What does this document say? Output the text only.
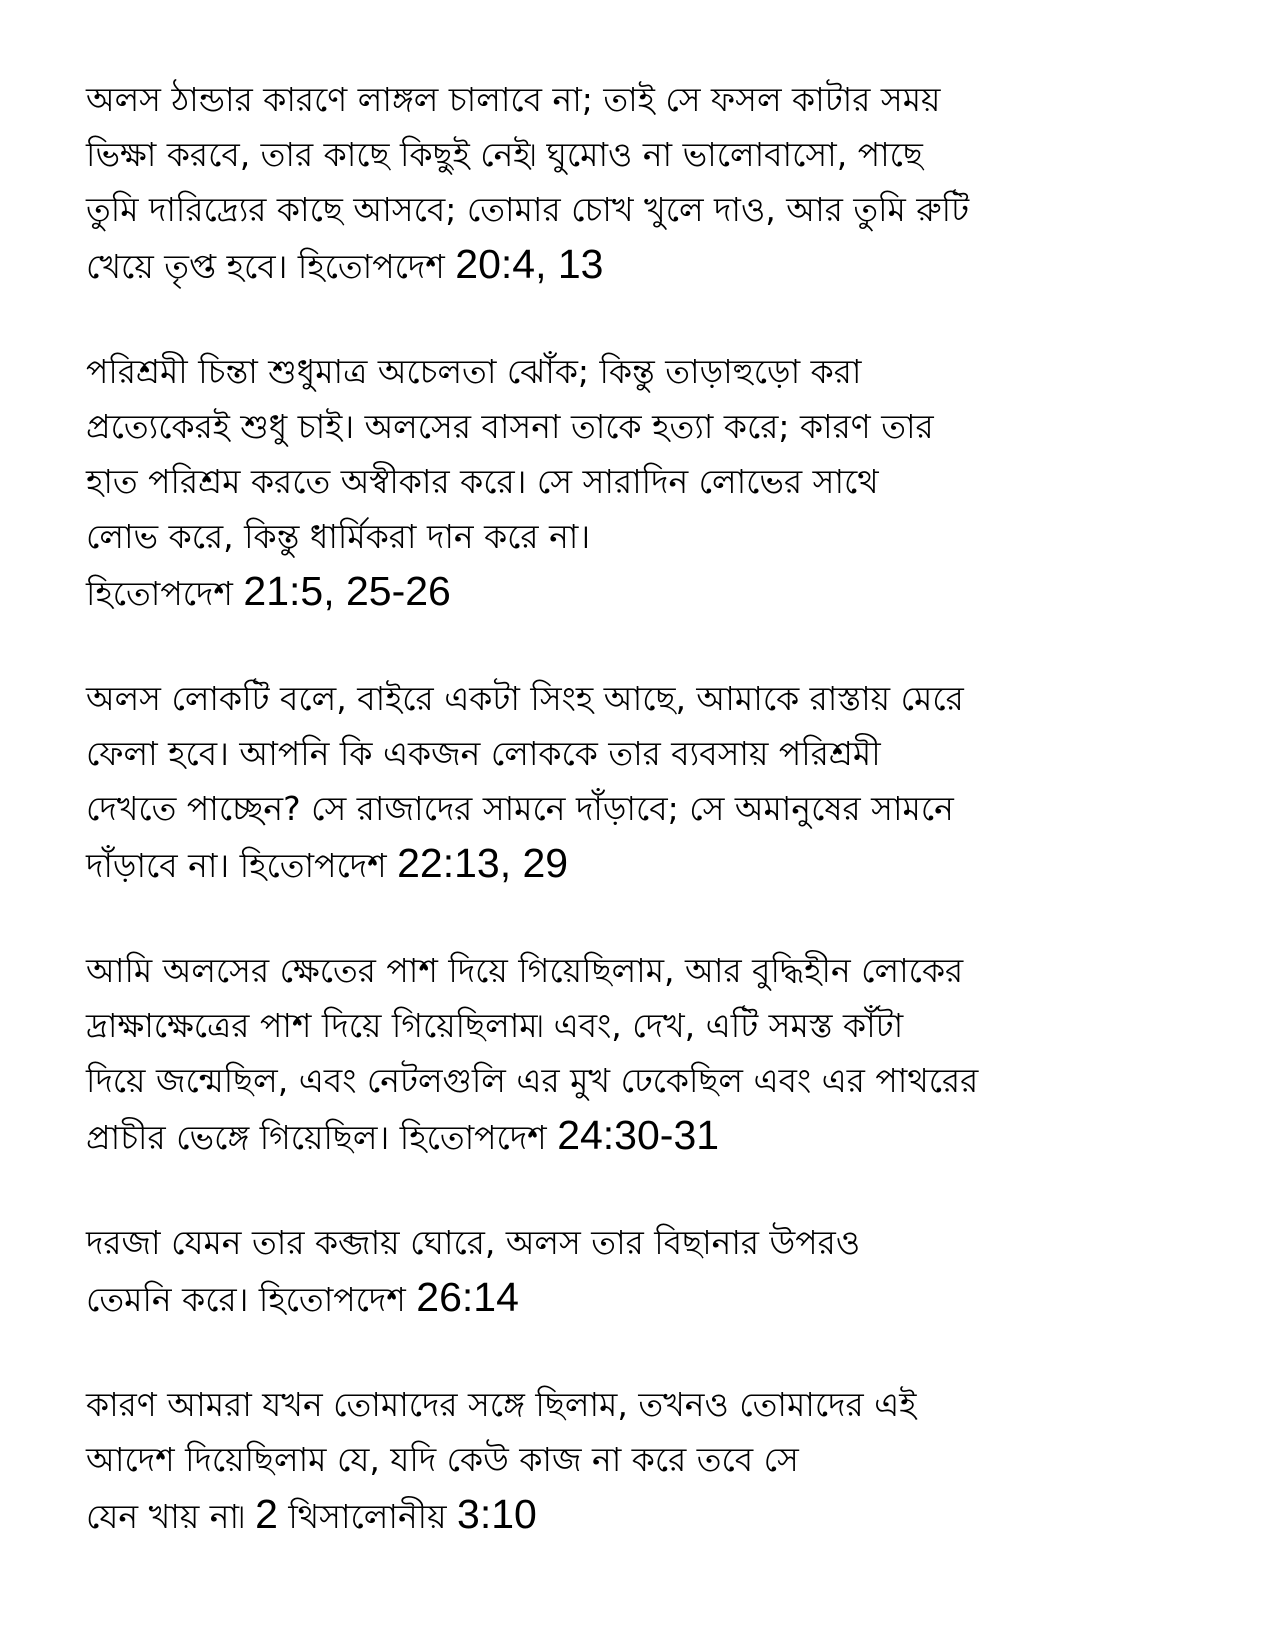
অলস ঠান্ডার কারণে লাঙ্গল চালাবে না; তাই সে ফসল কাটার সময়
ভিক্ষা করবে, তার কাছে কিছুই নেই৷ ঘুমোও না ভালোবাসো, পাছে
তুমি দারিদ্র্যের কাছে আসবে; তোমার চোখ খুলে দাও, আর তুমি রুটি
খেয়ে তৃপ্ত হবে। হিতোপদেশ 20:4, 13

পরিশ্রমী চিন্তা শুধুমাত্র অচেলতা ঝোঁক; কিন্তু তাড়াহুড়ো করা
প্রত্যেকেরই শুধু চাই। অলসের বাসনা তাকে হত্যা করে; কারণ তার
হাত পরিশ্রম করতে অস্বীকার করে। সে সারাদিন লোভের সাথে
লোভ করে, কিন্তু ধার্মিকরা দান করে না।
হিতোপদেশ 21:5, 25-26

অলস লোকটি বলে, বাইরে একটা সিংহ আছে, আমাকে রাস্তায় মেরে
ফেলা হবে। আপনি কি একজন লোককে তার ব্যবসায় পরিশ্রমী
দেখতে পাচ্ছেন? সে রাজাদের সামনে দাঁড়াবে; সে অমানুষের সামনে
দাঁড়াবে না। হিতোপদেশ 22:13, 29

আমি অলসের ক্ষেতের পাশ দিয়ে গিয়েছিলাম, আর বুদ্ধিহীন লোকের
দ্রাক্ষাক্ষেত্রের পাশ দিয়ে গিয়েছিলাম৷ এবং, দেখ, এটি সমস্ত কাঁটা
দিয়ে জন্মেছিল, এবং নেটলগুলি এর মুখ ঢেকেছিল এবং এর পাথরের
প্রাচীর ভেঙ্গে গিয়েছিল। হিতোপদেশ 24:30-31

দরজা যেমন তার কব্জায় ঘোরে, অলস তার বিছানার উপরও
তেমনি করে। হিতোপদেশ 26:14

কারণ আমরা যখন তোমাদের সঙ্গে ছিলাম, তখনও তোমাদের এই
আদেশ দিয়েছিলাম যে, যদি কেউ কাজ না করে তবে সে
যেন খায় না৷ 2 থিসালোনীয় 3:10
